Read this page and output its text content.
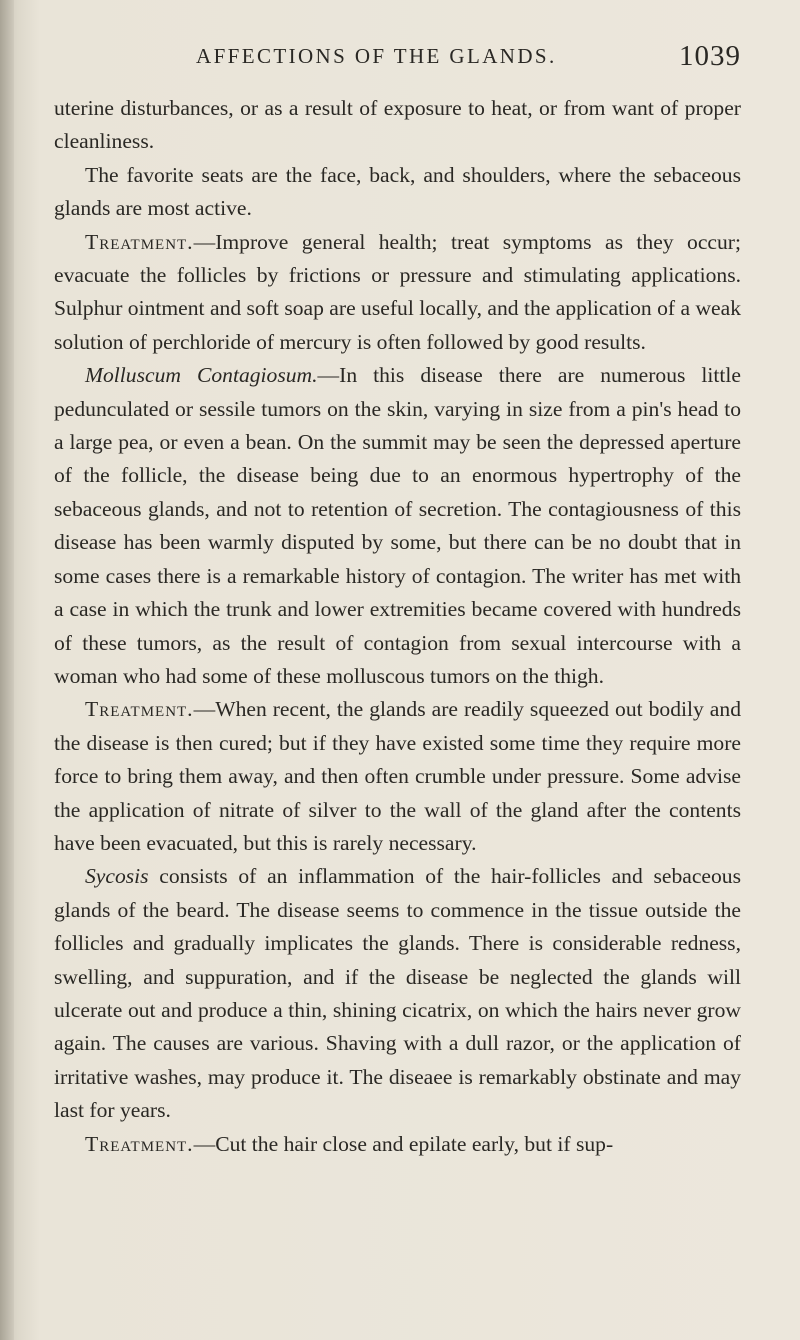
AFFECTIONS OF THE GLANDS.	1039

uterine disturbances, or as a result of exposure to heat, or from want of proper cleanliness.

The favorite seats are the face, back, and shoulders, where the sebaceous glands are most active.

Treatment.—Improve general health; treat symptoms as they occur; evacuate the follicles by frictions or pressure and stimulating applications. Sulphur ointment and soft soap are useful locally, and the application of a weak solution of perchloride of mercury is often followed by good results.

Molluscum Contagiosum.—In this disease there are numerous little pedunculated or sessile tumors on the skin, varying in size from a pin's head to a large pea, or even a bean. On the summit may be seen the depressed aperture of the follicle, the disease being due to an enormous hypertrophy of the sebaceous glands, and not to retention of secretion. The contagiousness of this disease has been warmly disputed by some, but there can be no doubt that in some cases there is a remarkable history of contagion. The writer has met with a case in which the trunk and lower extremities became covered with hundreds of these tumors, as the result of contagion from sexual intercourse with a woman who had some of these molluscous tumors on the thigh.

Treatment.—When recent, the glands are readily squeezed out bodily and the disease is then cured; but if they have existed some time they require more force to bring them away, and then often crumble under pressure. Some advise the application of nitrate of silver to the wall of the gland after the contents have been evacuated, but this is rarely necessary.

Sycosis consists of an inflammation of the hair-follicles and sebaceous glands of the beard. The disease seems to commence in the tissue outside the follicles and gradually implicates the glands. There is considerable redness, swelling, and suppuration, and if the disease be neglected the glands will ulcerate out and produce a thin, shining cicatrix, on which the hairs never grow again. The causes are various. Shaving with a dull razor, or the application of irritative washes, may produce it. The diseaee is remarkably obstinate and may last for years.

Treatment.—Cut the hair close and epilate early, but if sup-
